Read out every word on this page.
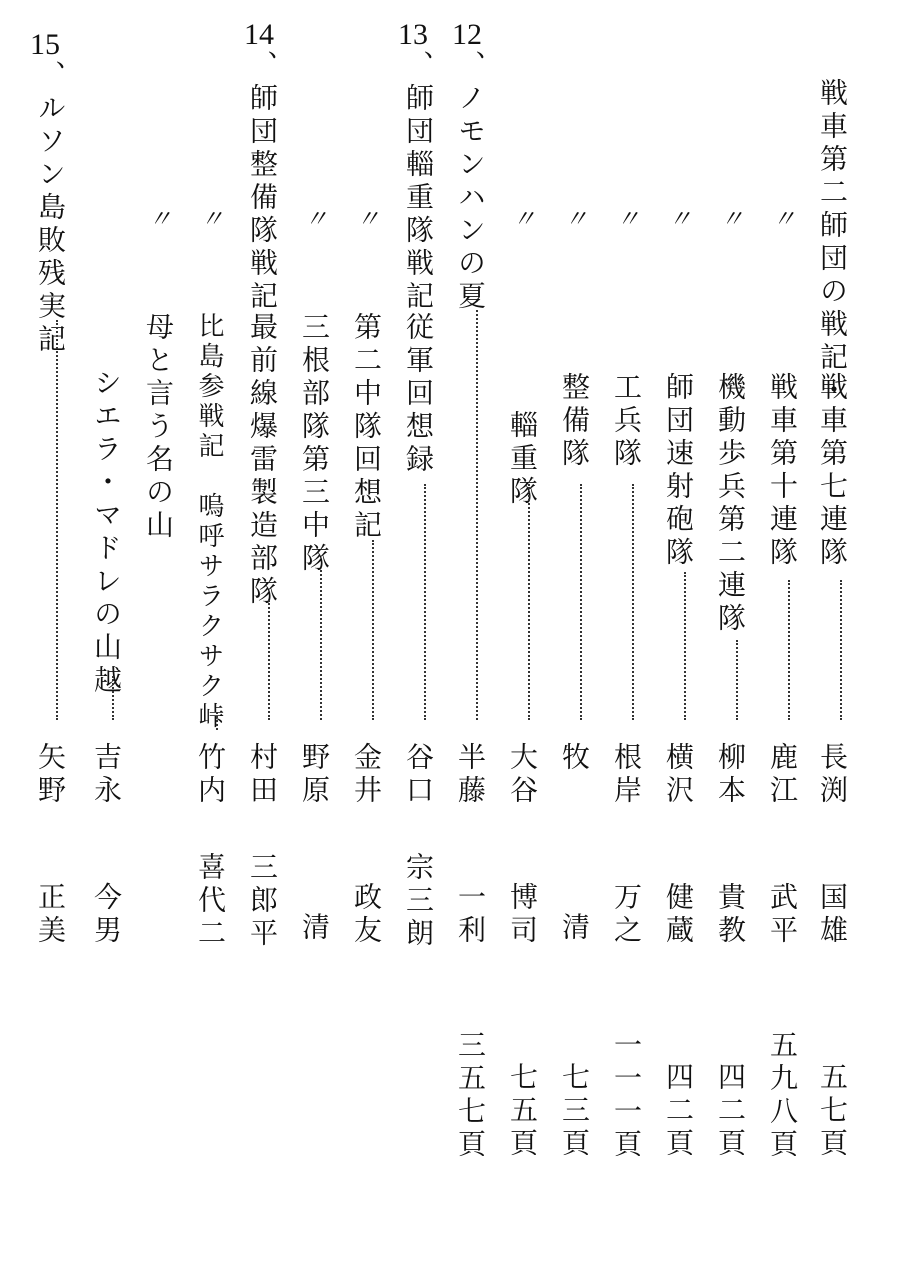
戦車第二師団の戦記・
戦車第七連隊
長渕
国雄
五七頁
〃
戦車第十連隊
鹿江
武平
五九八頁
〃
機動歩兵第二連隊
柳本
貴教
四二頁
〃
師団速射砲隊
横沢
健蔵
四二頁
〃
工兵隊
根岸
万之
一一一頁
〃
整備隊
牧
清
七三頁
〃
輜重隊
大谷
博司
七五頁
12
、ノモンハンの夏
半藤
一利
三五七頁
13
、師団輜重隊戦記
従軍回想録
谷口
宗三朗
〃
第二中隊回想記
金井
政友
〃
三根部隊第三中隊
野原
清
14
、師団整備隊戦記
最前線爆雷製造部隊
村田
三郎平
〃
比島参戦記　嗚呼サラクサク峠
竹内
喜代二
〃
母と言う名の山
シエラ・マドレの山越
吉永
今男
15
、ルソン島敗残実記
矢野
正美
